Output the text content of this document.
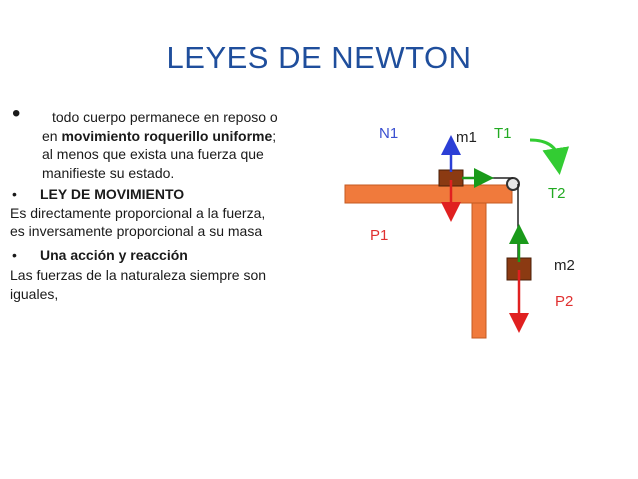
LEYES DE NEWTON
• todo cuerpo permanece en reposo o
en movimiento roquerillo uniforme;
al menos que exista una fuerza que
manifieste su estado.
• LEY DE MOVIMIENTO
Es directamente proporcional a la fuerza,
es inversamente proporcional a su masa
• Una acción y reacción
Las fuerzas de la naturaleza siempre son
iguales,
N1	m1 T1
T2
P1
m2
P2
